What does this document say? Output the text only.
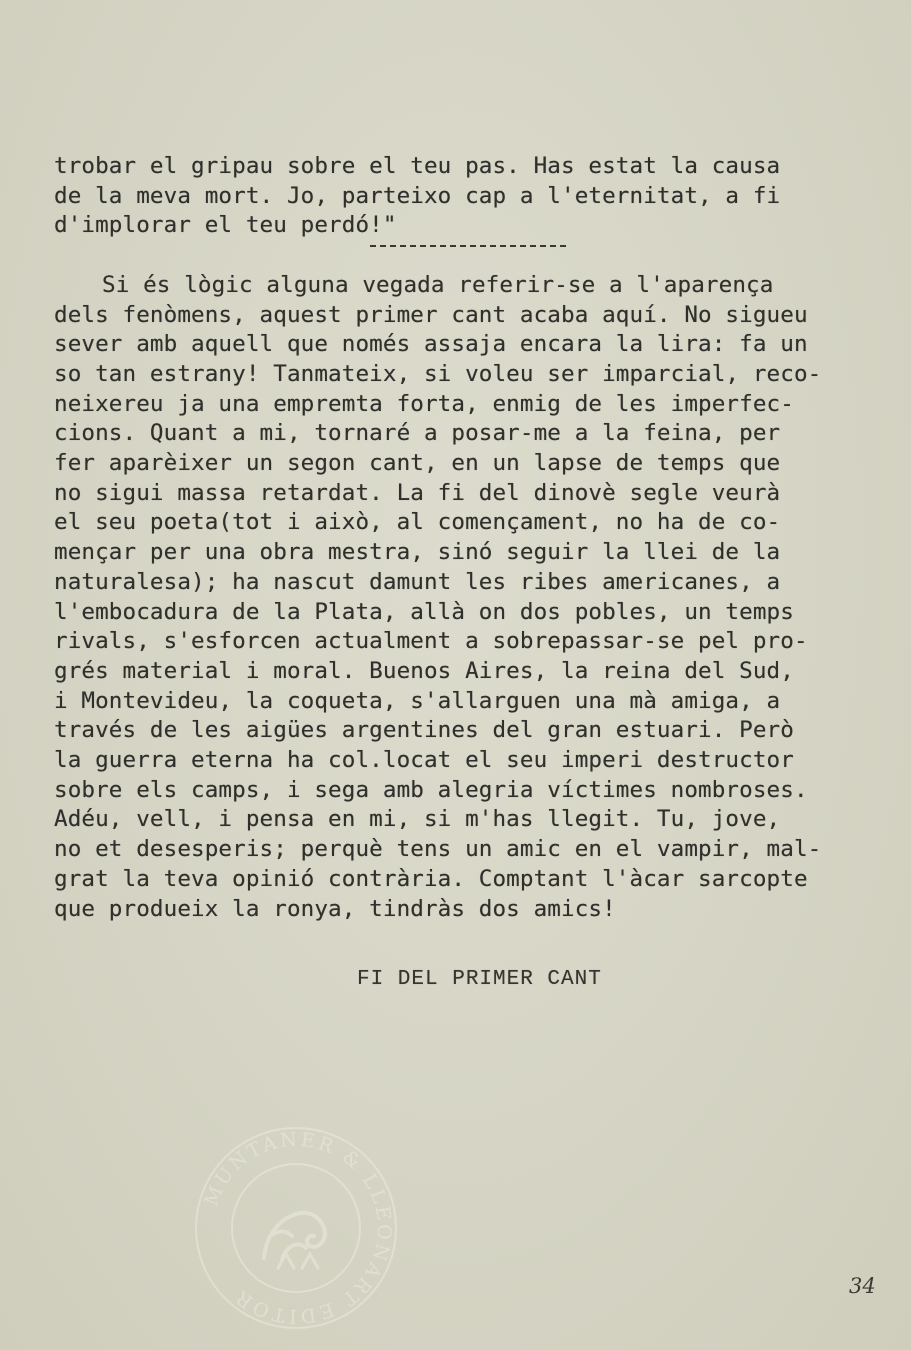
trobar el gripau sobre el teu pas. Has estat la causa
de la meva mort. Jo, parteixo cap a l'eternitat, a fi
d'implorar el teu perdó!"
Si és lògic alguna vegada referir-se a l'aparença
dels fenòmens, aquest primer cant acaba aquí. No sigueu
sever amb aquell que només assaja encara la lira: fa un
so tan estrany! Tanmateix, si voleu ser imparcial, reco-
neixereu ja una empremta forta, enmig de les imperfec-
cions. Quant a mi, tornaré a posar-me a la feina, per
fer aparèixer un segon cant, en un lapse de temps que
no sigui massa retardat. La fi del dinovè segle veurà
el seu poeta(tot i això, al començament, no ha de co-
mençar per una obra mestra, sinó seguir la llei de la
naturalesa); ha nascut damunt les ribes americanes, a
l'embocadura de la Plata, allà on dos pobles, un temps
rivals, s'esforcen actualment a sobrepassar-se pel pro-
grés material i moral. Buenos Aires, la reina del Sud,
i Montevideu, la coqueta, s'allarguen una mà amiga, a
través de les aigües argentines del gran estuari. Però
la guerra eterna ha col.locat el seu imperi destructor
sobre els camps, i sega amb alegria víctimes nombroses.
Adéu, vell, i pensa en mi, si m'has llegit. Tu, jove,
no et desesperis; perquè tens un amic en el vampir, mal-
grat la teva opinió contrària. Comptant l'àcar sarcopte
que produeix la ronya, tindràs dos amics!
FI DEL PRIMER CANT
MUNTANER & LLEONART EDITOR	34
